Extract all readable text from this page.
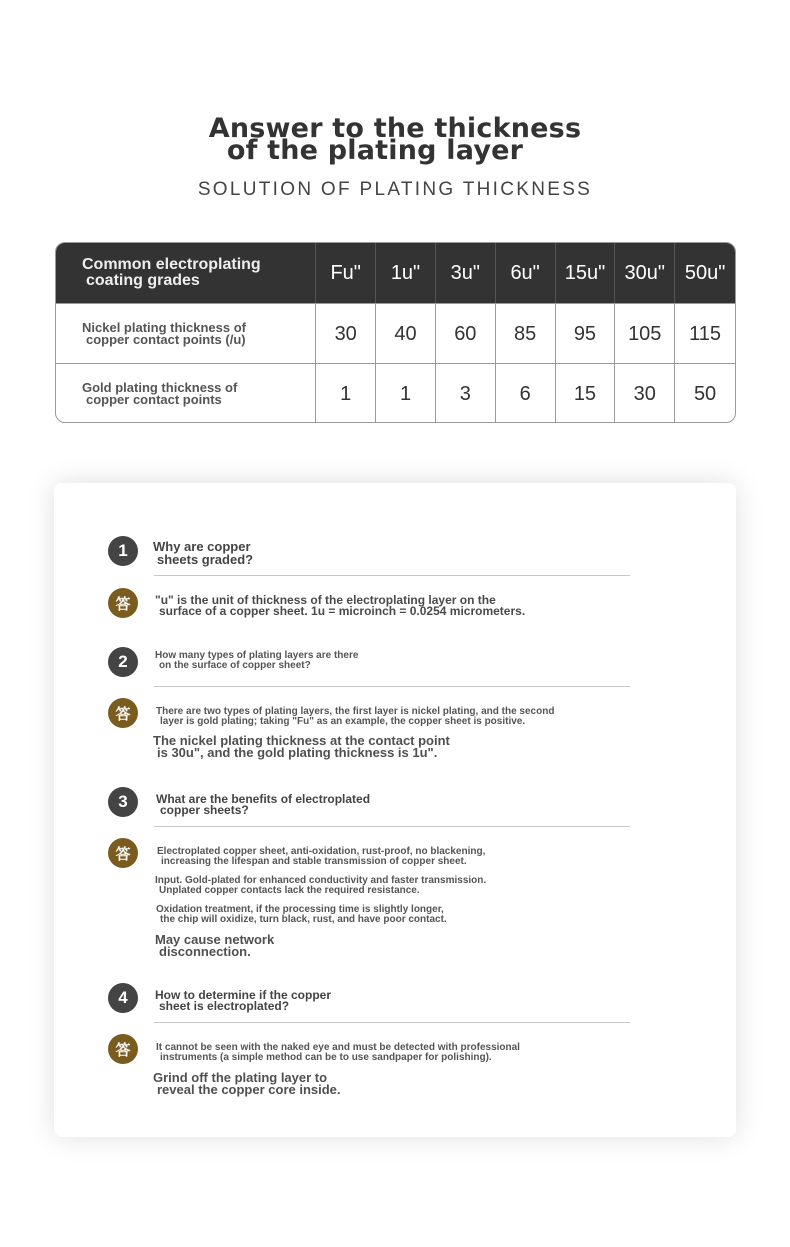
Answer to the thickness
of the plating layer
SOLUTION OF PLATING THICKNESS
Common electroplating
coating grades	Fu"	1u"	3u"	6u"	15u" 30u" 50u"
Nickel plating thickness of
copper contact points (/u)	30	40	60	85	95	105	115
Gold plating thickness of
copper contact points	1	1	3	6	15	30	50
1	Why are copper
sheets graded?
答	"u" is the unit of thickness of the electroplating layer on the
surface of a copper sheet. 1u = microinch = 0.0254 micrometers.
2	How many types of plating layers are there
on the surface of copper sheet?
答	There are two types of plating layers, the first layer is nickel plating, and the second
layer is gold plating; taking "Fu" as an example, the copper sheet is positive.
The nickel plating thickness at the contact point
is 30u", and the gold plating thickness is 1u".
3	What are the benefits of electroplated
copper sheets?
答	Electroplated copper sheet, anti-oxidation, rust-proof, no blackening,
increasing the lifespan and stable transmission of copper sheet.
Input. Gold-plated for enhanced conductivity and faster transmission.
Unplated copper contacts lack the required resistance.
Oxidation treatment, if the processing time is slightly longer,
the chip will oxidize, turn black, rust, and have poor contact.
May cause network
disconnection.
4	How to determine if the copper
sheet is electroplated?
答	It cannot be seen with the naked eye and must be detected with professional
instruments (a simple method can be to use sandpaper for polishing).
Grind off the plating layer to
reveal the copper core inside.
